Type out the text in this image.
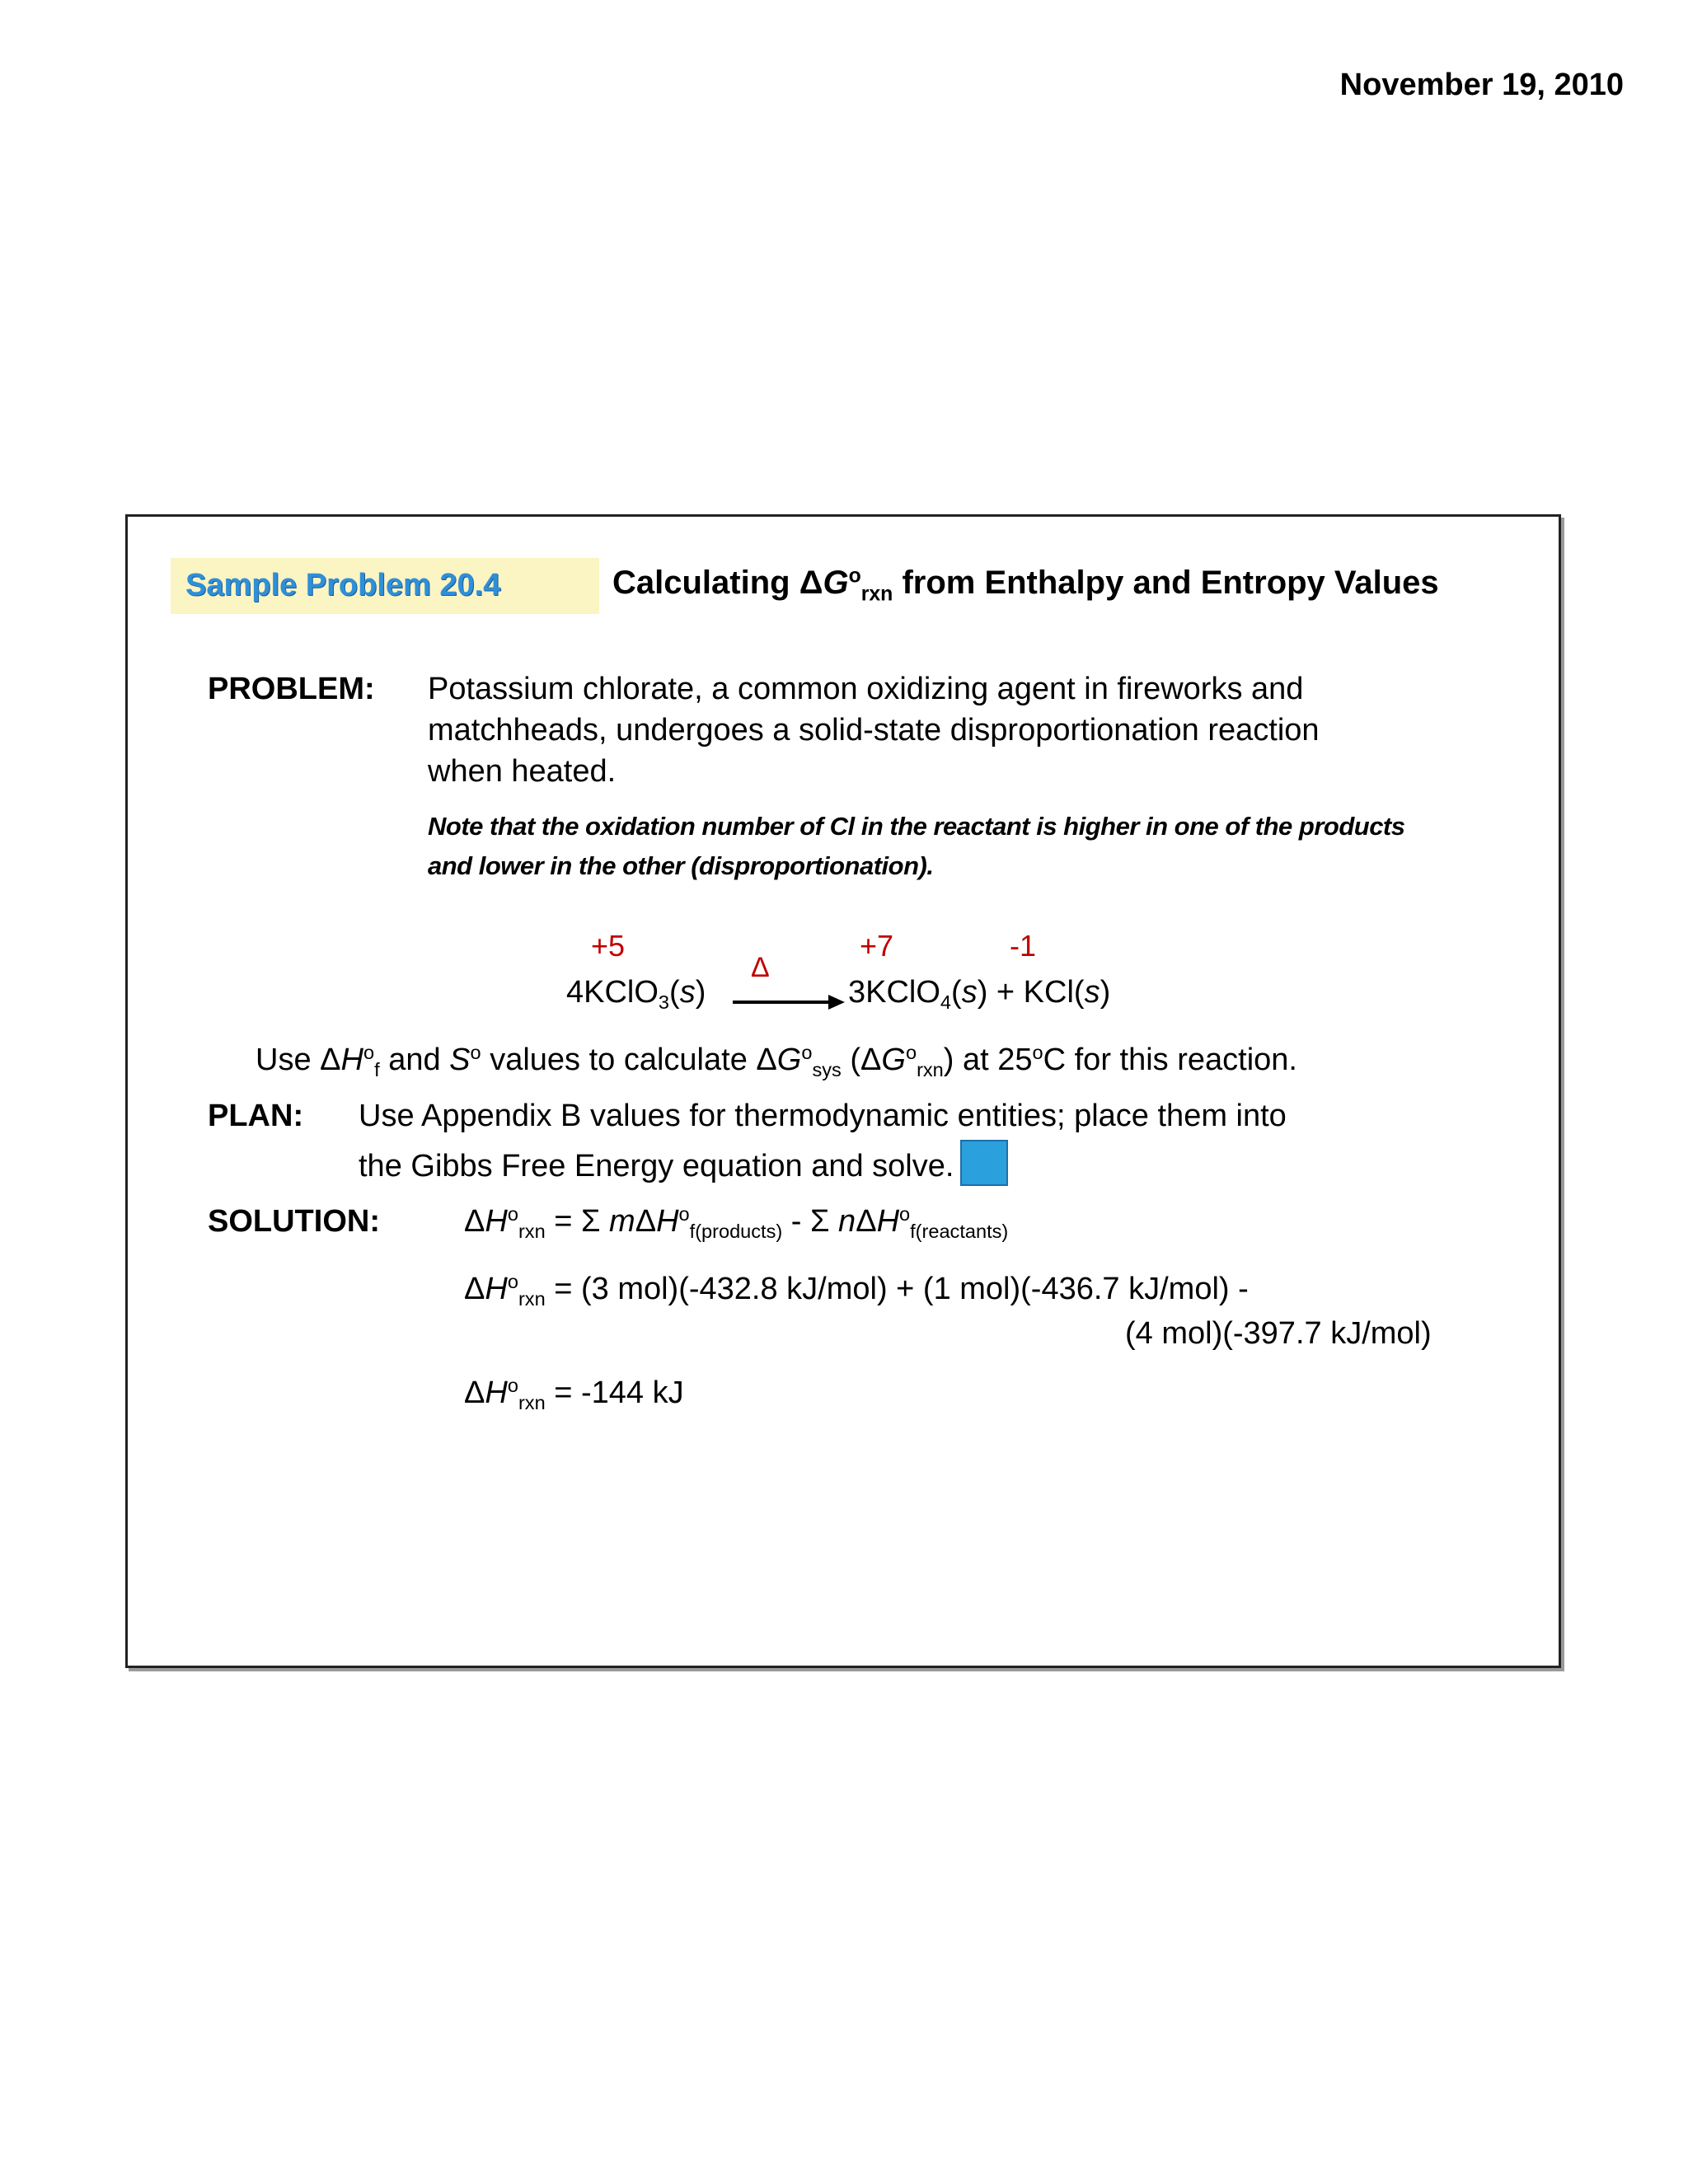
November 19, 2010
Sample Problem 20.4	Calculating $\Delta G^o_{rxn}$ from Enthalpy and Entropy Values
PROBLEM: Potassium chlorate, a common oxidizing agent in fireworks and
matchheads, undergoes a solid-state disproportionation reaction
when heated.
Note that the oxidation number of Cl in the reactant is higher in one of the products
and lower in the other (disproportionation).
+5	+7	-1
4KClO$_3$(s)
Δ
3KClO$_4$(s) + KCl(s)
Use $\Delta H^o_f$ and $S^o$ values to calculate $\Delta G^o_{sys}$ $(\Delta G^o_{rxn})$ at 25$^o$C for this reaction.
PLAN: Use Appendix B values for thermodynamic entities; place them into
the Gibbs Free Energy equation and solve.
SOLUTION:	$\Delta H^o_{rxn} = \Sigma$ mΔH$^o_{f(products)}$ - Σ nΔH$^o_{f(reactants)}$
$\Delta H^o_{rxn} = (3$ mol)(-432.8 kJ/mol) + (1 mol)(-436.7 kJ/mol) -
(4 mol)(-397.7 kJ/mol)
$\Delta H^o_{rxn} = -144$ kJ
